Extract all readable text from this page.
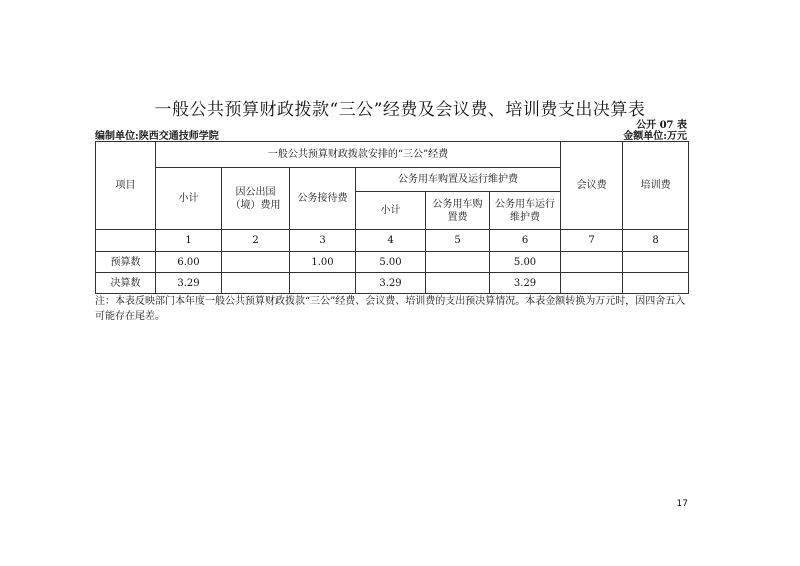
一般公共预算财政拨款“三公”经费及会议费、培训费支出决算表
公开 07 表
编制单位:陕西交通技师学院	金额单位:万元
项目	一般公共预算财政拨款安排的“三公”经费						会议费	培训费
	小计	因公出国（境）费用	公务接待费	公务用车购置及运行维护费				
				小计	公务用车购置费	公务用车运行维护费		
	1	2	3	4	5	6	7	8
预算数	6.00		1.00	5.00		5.00		
决算数	3.29			3.29		3.29		
注：本表反映部门本年度一般公共预算财政拨款“三公”经费、会议费、培训费的支出预决算情况。本表金额转换为万元时，因四舍五入可能存在尾差。
17
